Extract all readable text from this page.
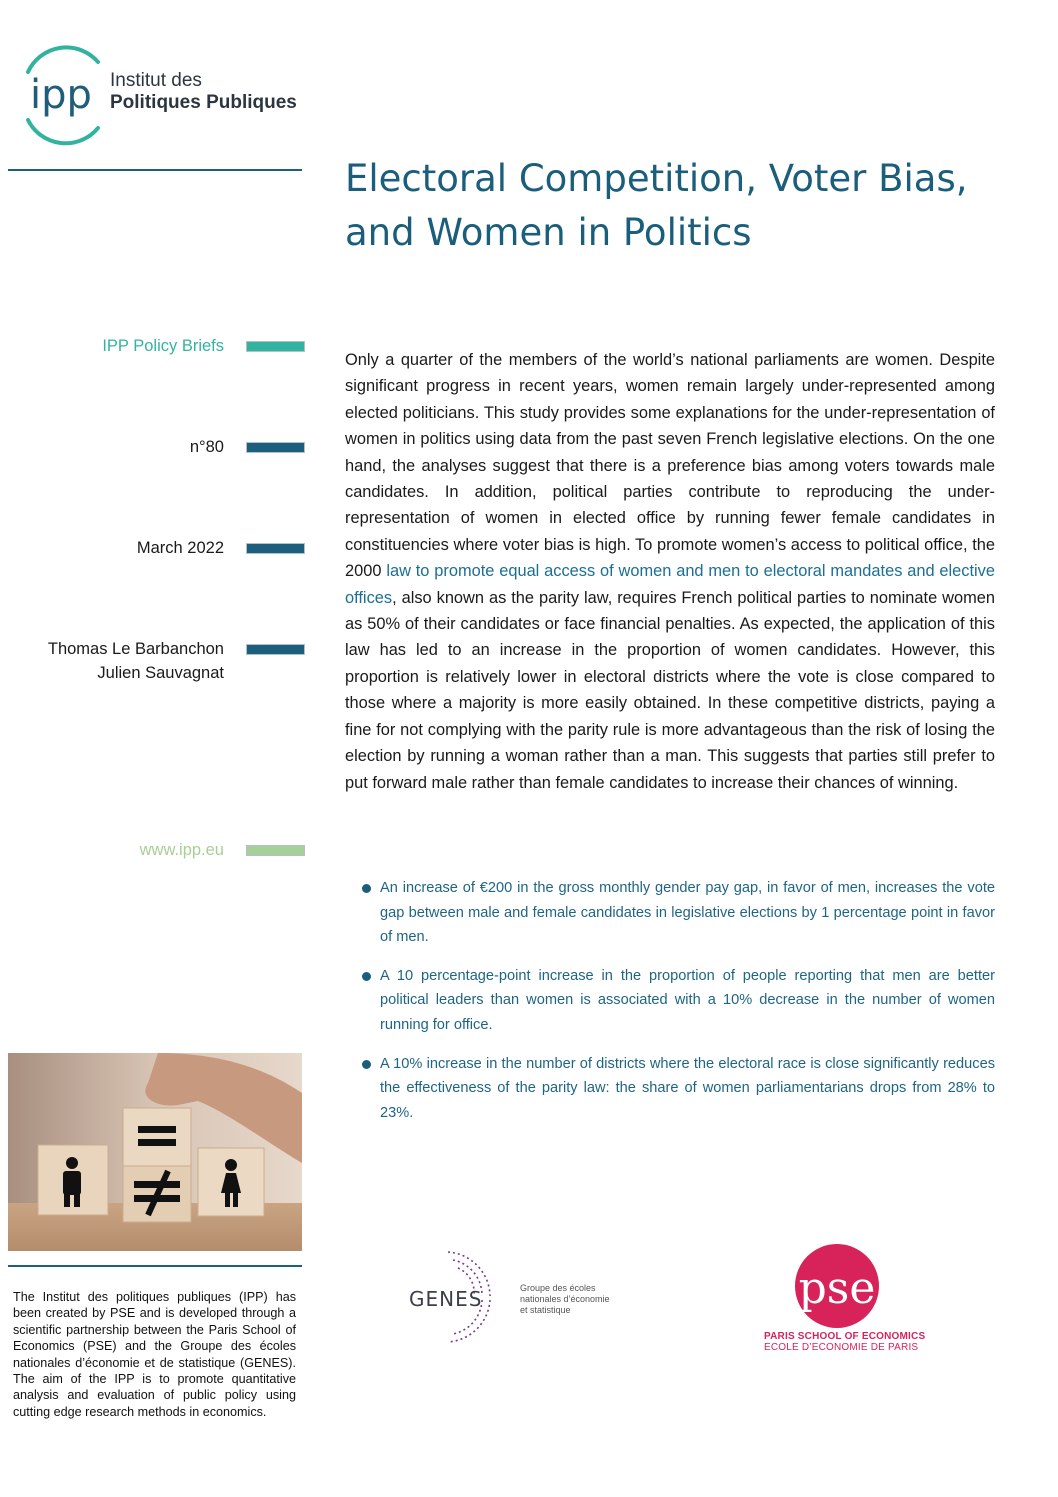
ipp Institut des
Politiques Publiques
Electoral Competition, Voter Bias, and Women in Politics
IPP Policy Briefs
n°80
March 2022
Thomas Le Barbanchon
Julien Sauvagnat
www.ipp.eu
Only a quarter of the members of the world’s national parliaments are women. Despite significant progress in recent years, women remain largely under-represented among elected politicians. This study provides some explanations for the under-representation of women in politics using data from the past seven French legislative elections. On the one hand, the analyses suggest that there is a preference bias among voters towards male candidates. In addition, political parties contribute to reproducing the under-representation of women in elected office by running fewer female candidates in constituencies where voter bias is high. To promote women’s access to political office, the 2000 law to promote equal access of women and men to electoral mandates and elective offices, also known as the parity law, requires French political parties to nominate women as 50% of their candidates or face financial penalties. As expected, the application of this law has led to an increase in the proportion of women candidates. However, this proportion is relatively lower in electoral districts where the vote is close compared to those where a majority is more easily obtained. In these competitive districts, paying a fine for not complying with the parity rule is more advantageous than the risk of losing the election by running a woman rather than a man. This suggests that parties still prefer to put forward male rather than female candidates to increase their chances of winning.
An increase of €200 in the gross monthly gender pay gap, in favor of men, increases the vote gap between male and female candidates in legislative elections by 1 percentage point in favor of men.
A 10 percentage-point increase in the proportion of people reporting that men are better political leaders than women is associated with a 10% decrease in the number of women running for office.
A 10% increase in the number of districts where the electoral race is close significantly reduces the effectiveness of the parity law: the share of women parliamentarians drops from 28% to 23%.
The Institut des politiques publiques (IPP) has been created by PSE and is developed through a scientific partnership between the Paris School of Economics (PSE) and the Groupe des écoles nationales d’économie et de statistique (GENES). The aim of the IPP is to promote quantitative analysis and evaluation of public policy using cutting edge research methods in economics.
GENES	Groupe des écoles
nationales d’économie
et statistique	pse
PARIS SCHOOL OF ECONOMICS
ECOLE D’ECONOMIE DE PARIS
